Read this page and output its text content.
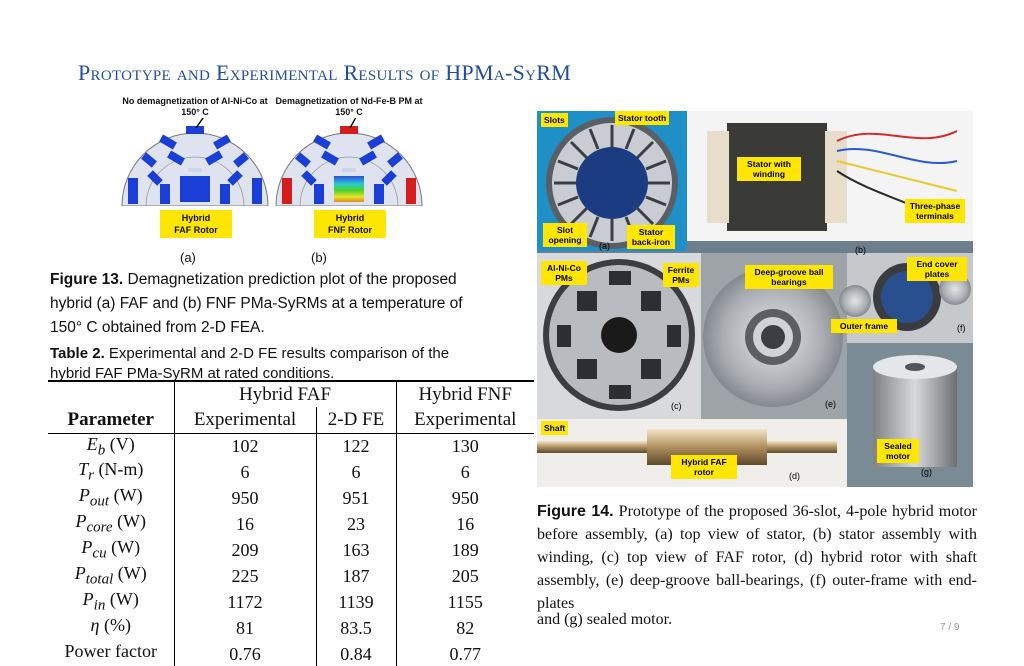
Prototype and Experimental Results of HPMa-SyRM
No demagnetization of Al-Ni-Co at 150° C
Hybrid
FAF Rotor
(a)
Demagnetization of Nd-Fe-B PM at 150° C
Hybrid
FNF Rotor
(b)
Figure 13. Demagnetization prediction plot of the proposed hybrid (a) FAF and (b) FNF PMa-SyRMs at a temperature of 150° C obtained from 2-D FEA.
Table 2. Experimental and 2-D FE results comparison of the hybrid FAF PMa-SyRM at rated conditions.
	Hybrid FAF		Hybrid FNF
Parameter	Experimental	2-D FE	Experimental
$E_b$ (V)	102	122	130
$T_r$ (N-m)	6	6	6
$P_{out}$ (W)	950	951	950
$P_{core}$ (W)	16	23	16
$P_{cu}$ (W)	209	163	189
$P_{total}$ (W)	225	187	205
$P_{in}$ (W)	1172	1139	1155
η (%)	81	83.5	82
Power factor	0.76	0.84	0.77
Slots	Stator tooth
Slot opening
Stator back-iron
(a)
Stator with winding
Three-phase terminals
(b)
Al-Ni-Co PMs
Ferrite PMs
(c)
Deep-groove ball bearings
(e)
End cover plates
Outer frame	(f)
Sealed motor
(g)
Shaft
Hybrid FAF rotor	(d)
Figure 14. Prototype of the proposed 36-slot, 4-pole hybrid motor before assembly, (a) top view of stator, (b) stator assembly with winding, (c) top view of FAF rotor, (d) hybrid rotor with shaft assembly, (e) deep-groove ball-bearings, (f) outer-frame with end-plates
and (g) sealed motor.	7 / 9
